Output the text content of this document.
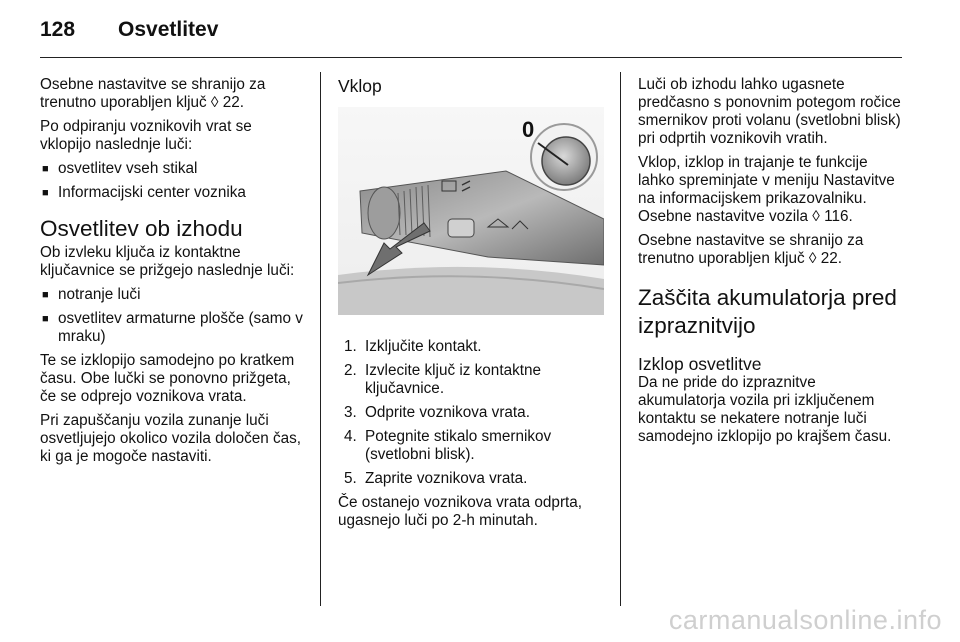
128 Osvetlitev

Osebne nastavitve se shranijo za trenutno uporabljen ključ ◊ 22.

Po odpiranju voznikovih vrat se vklopijo naslednje luči:

■ osvetlitev vseh stikal
■ Informacijski center voznika
Osvetlitev ob izhodu

Ob izvleku ključa iz kontaktne ključavnice se prižgejo naslednje luči:

■ notranje luči
■ osvetlitev armaturne plošče (samo v mraku)

Te se izklopijo samodejno po kratkem času. Obe lučki se ponovno prižgeta, če se odprejo voznikova vrata.

Pri zapuščanju vozila zunanje luči osvetljujejo okolico vozila določen čas, ki ga je mogoče nastaviti.

Vklop
0
1. Izključite kontakt.
2. Izvlecite ključ iz kontaktne ključavnice.
3. Odprite voznikova vrata.
4. Potegnite stikalo smernikov (svetlobni blisk).
5. Zaprite voznikova vrata.

Če ostanejo voznikova vrata odprta, ugasnejo luči po 2-h minutah.

Luči ob izhodu lahko ugasnete predčasno s ponovnim potegom ročice smernikov proti volanu (svetlobni blisk) pri odprtih voznikovih vratih.

Vklop, izklop in trajanje te funkcije lahko spreminjate v meniju Nastavitve na informacijskem prikazovalniku. Osebne nastavitve vozila ◊ 116.

Osebne nastavitve se shranijo za trenutno uporabljen ključ ◊ 22.

Zaščita akumulatorja pred izpraznitvijo
Izklop osvetlitve

Da ne pride do izpraznitve akumulatorja vozila pri izključenem kontaktu se nekatere notranje luči samodejno izklopijo po krajšem času.

carmanualsonline.info
